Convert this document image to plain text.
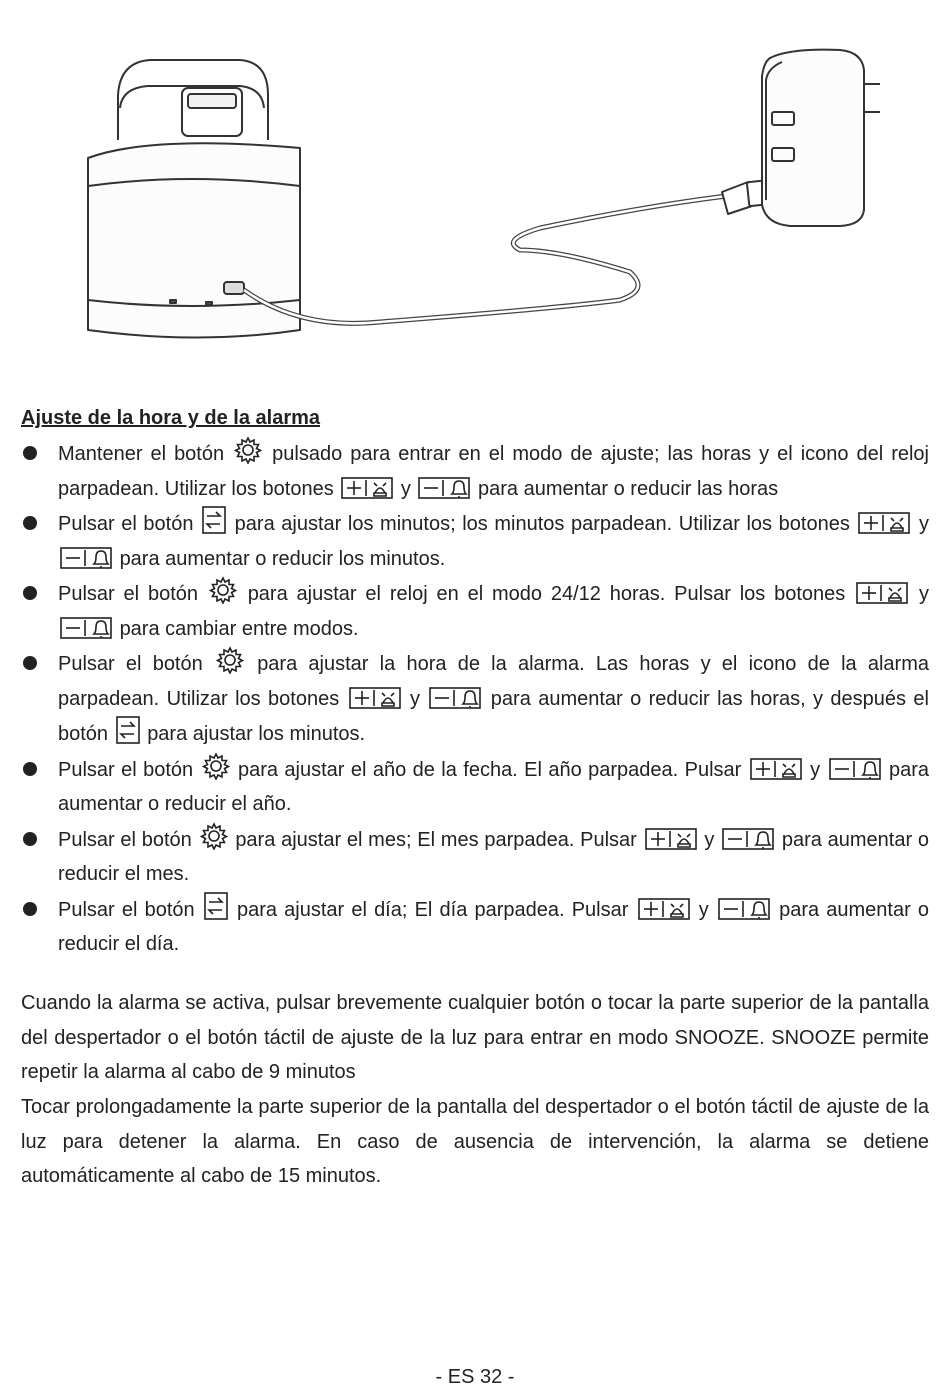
Ajuste de la hora y de la alarma
Mantener el botón pulsado para entrar en el modo de ajuste; las horas y el icono del reloj parpadean. Utilizar los botones	y	para aumentar o reducir las horas
Pulsar el botón para ajustar los minutos; los minutos parpadean. Utilizar los botones	y  para aumentar o reducir los minutos.
Pulsar el botón para ajustar el reloj en el modo 24/12 horas. Pulsar los botones	y  para cambiar entre modos.
Pulsar el botón	para ajustar la hora de la alarma. Las horas y el icono de la alarma parpadean. Utilizar los botones	y	para aumentar o reducir las horas, y después el botón para ajustar los minutos.
Pulsar el botón para ajustar el año de la fecha. El año parpadea. Pulsar	y	para aumentar o reducir el año.
Pulsar el botón para ajustar el mes; El mes parpadea. Pulsar	y	para aumentar o reducir el mes.
Pulsar el botón para ajustar el día; El día parpadea. Pulsar	y	para aumentar o reducir el día.

Cuando la alarma se activa, pulsar brevemente cualquier botón o tocar la parte superior de la pantalla del despertador o el botón táctil de ajuste de la luz para entrar en modo SNOOZE. SNOOZE permite repetir la alarma al cabo de 9 minutos

Tocar prolongadamente la parte superior de la pantalla del despertador o el botón táctil de ajuste de la luz para detener la alarma. En caso de ausencia de intervención, la alarma se detiene automáticamente al cabo de 15 minutos.

- ES 32 -
